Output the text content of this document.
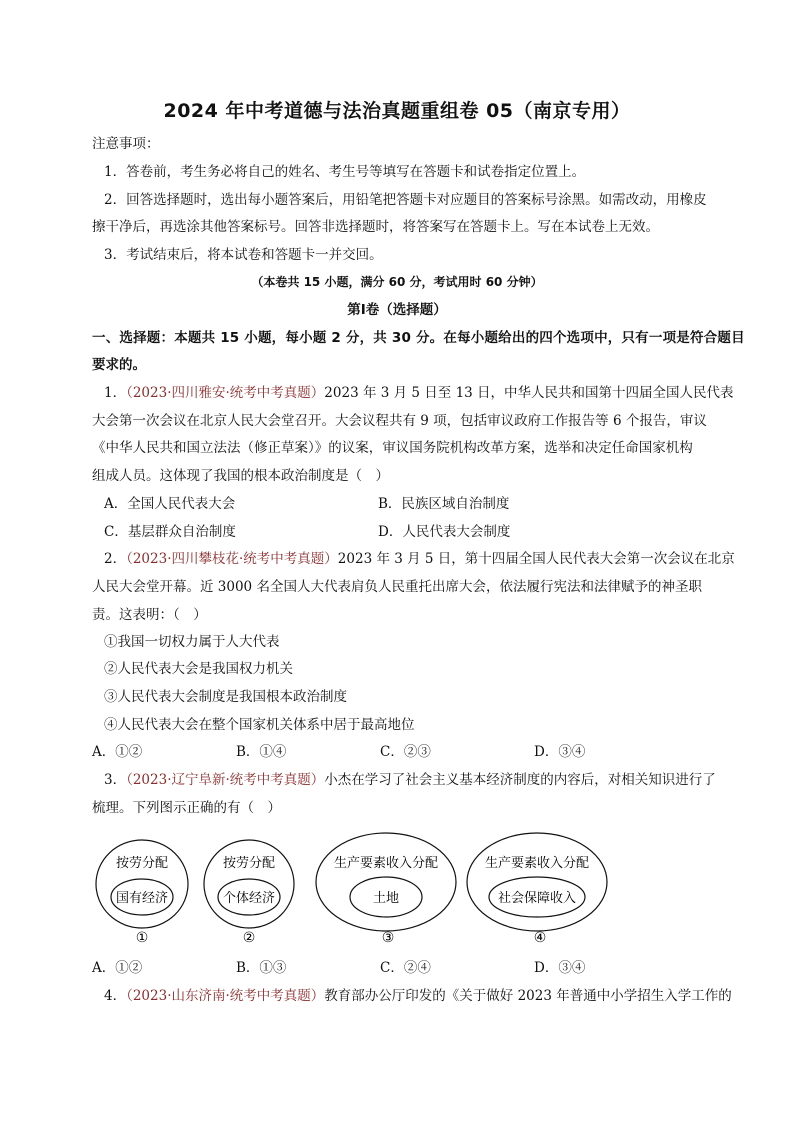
2024 年中考道德与法治真题重组卷 05（南京专用）
注意事项：
1．答卷前，考生务必将自己的姓名、考生号等填写在答题卡和试卷指定位置上。
2．回答选择题时，选出每小题答案后，用铅笔把答题卡对应题目的答案标号涂黑。如需改动，用橡皮
擦干净后，再选涂其他答案标号。回答非选择题时，将答案写在答题卡上。写在本试卷上无效。
3．考试结束后，将本试卷和答题卡一并交回。
（本卷共 15 小题，满分 60 分，考试用时 60 分钟）
第Ⅰ卷（选择题）
一、选择题：本题共 15 小题，每小题 2 分，共 30 分。在每小题给出的四个选项中，只有一项是符合题目
要求的。
1．（2023·四川雅安·统考中考真题）2023 年 3 月 5 日至 13 日，中华人民共和国第十四届全国人民代表
大会第一次会议在北京人民大会堂召开。大会议程共有 9 项，包括审议政府工作报告等 6 个报告，审议
《中华人民共和国立法法（修正草案）》的议案，审议国务院机构改革方案，选举和决定任命国家机构
组成人员。这体现了我国的根本政治制度是（　）
A．全国人民代表大会	B．民族区域自治制度
C．基层群众自治制度	D．人民代表大会制度
2．（2023·四川攀枝花·统考中考真题）2023 年 3 月 5 日，第十四届全国人民代表大会第一次会议在北京
人民大会堂开幕。近 3000 名全国人大代表肩负人民重托出席大会，依法履行宪法和法律赋予的神圣职
责。这表明：（　）
①我国一切权力属于人大代表
②人民代表大会是我国权力机关
③人民代表大会制度是我国根本政治制度
④人民代表大会在整个国家机关体系中居于最高地位
A．①②	B．①④	C．②③	D．③④
3．（2023·辽宁阜新·统考中考真题）小杰在学习了社会主义基本经济制度的内容后，对相关知识进行了
梳理。下列图示正确的有（　）
按劳分配
国有经济
①
按劳分配
个体经济
②
生产要素收入分配
土地
③
生产要素收入分配
社会保障收入
④
A．①②	B．①③	C．②④	D．③④
4．（2023·山东济南·统考中考真题）教育部办公厅印发的《关于做好 2023 年普通中小学招生入学工作的
